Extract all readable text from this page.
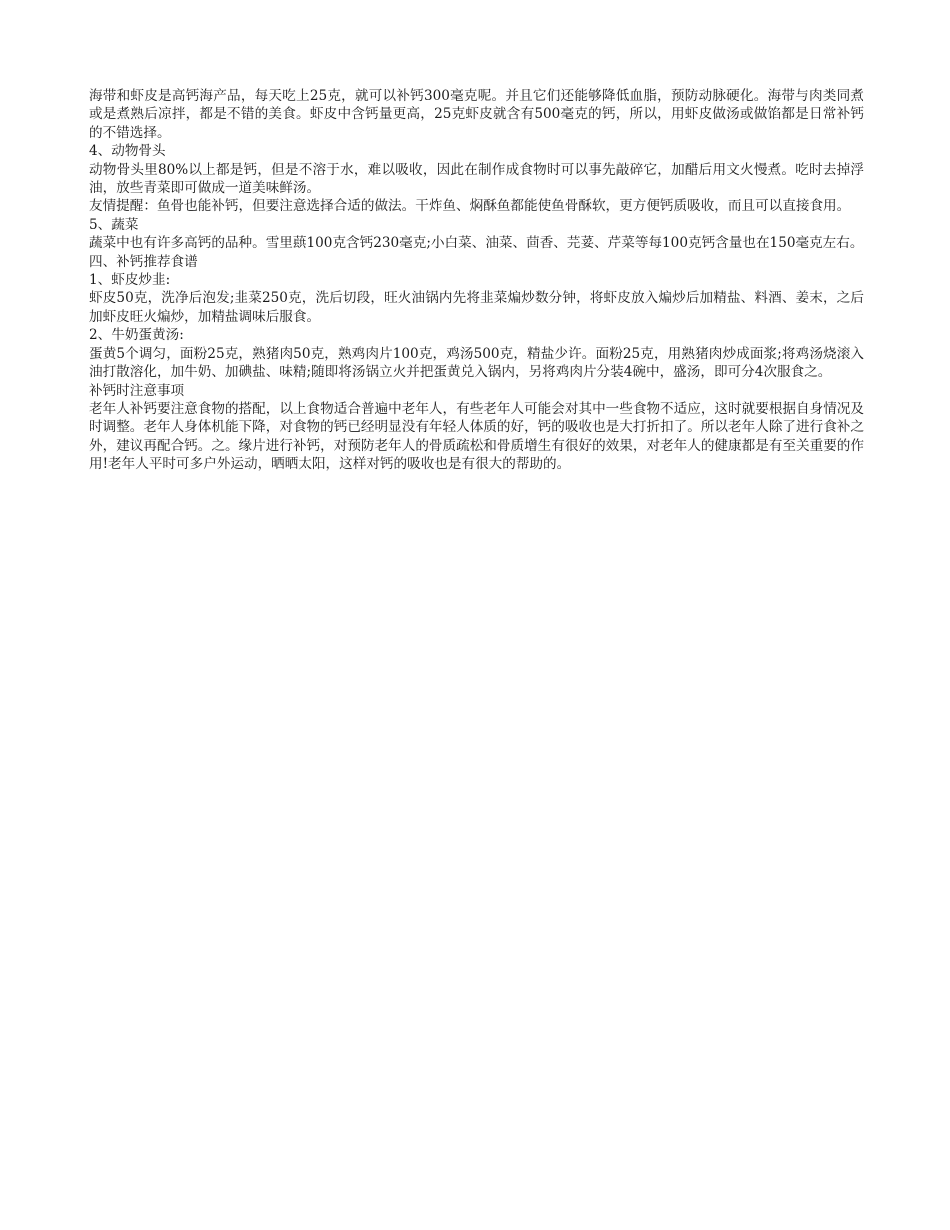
海带和虾皮是高钙海产品，每天吃上25克，就可以补钙300毫克呢。并且它们还能够降低血脂，预防动脉硬化。海带与肉类同煮或是煮熟后凉拌，都是不错的美食。虾皮中含钙量更高，25克虾皮就含有500毫克的钙，所以，用虾皮做汤或做馅都是日常补钙的不错选择。

4、动物骨头

动物骨头里80%以上都是钙，但是不溶于水，难以吸收，因此在制作成食物时可以事先敲碎它，加醋后用文火慢煮。吃时去掉浮油，放些青菜即可做成一道美味鲜汤。

友情提醒：鱼骨也能补钙，但要注意选择合适的做法。干炸鱼、焖酥鱼都能使鱼骨酥软，更方便钙质吸收，而且可以直接食用。

5、蔬菜

蔬菜中也有许多高钙的品种。雪里蕻100克含钙230毫克;小白菜、油菜、茴香、芫荽、芹菜等每100克钙含量也在150毫克左右。

四、补钙推荐食谱

1、虾皮炒韭:

虾皮50克，洗净后泡发;韭菜250克，洗后切段，旺火油锅内先将韭菜煸炒数分钟，将虾皮放入煸炒后加精盐、料酒、姜末，之后加虾皮旺火煸炒，加精盐调味后服食。

2、牛奶蛋黄汤:

蛋黄5个调匀，面粉25克，熟猪肉50克，熟鸡肉片100克，鸡汤500克，精盐少许。面粉25克，用熟猪肉炒成面浆;将鸡汤烧滚入油打散溶化，加牛奶、加碘盐、味精;随即将汤锅立火并把蛋黄兑入锅内，另将鸡肉片分装4碗中，盛汤，即可分4次服食之。

补钙时注意事项

老年人补钙要注意食物的搭配，以上食物适合普遍中老年人，有些老年人可能会对其中一些食物不适应，这时就要根据自身情况及时调整。老年人身体机能下降，对食物的钙已经明显没有年轻人体质的好，钙的吸收也是大打折扣了。所以老年人除了进行食补之外，建议再配合钙。之。缘片进行补钙，对预防老年人的骨质疏松和骨质增生有很好的效果，对老年人的健康都是有至关重要的作用!老年人平时可多户外运动，晒晒太阳，这样对钙的吸收也是有很大的帮助的。
